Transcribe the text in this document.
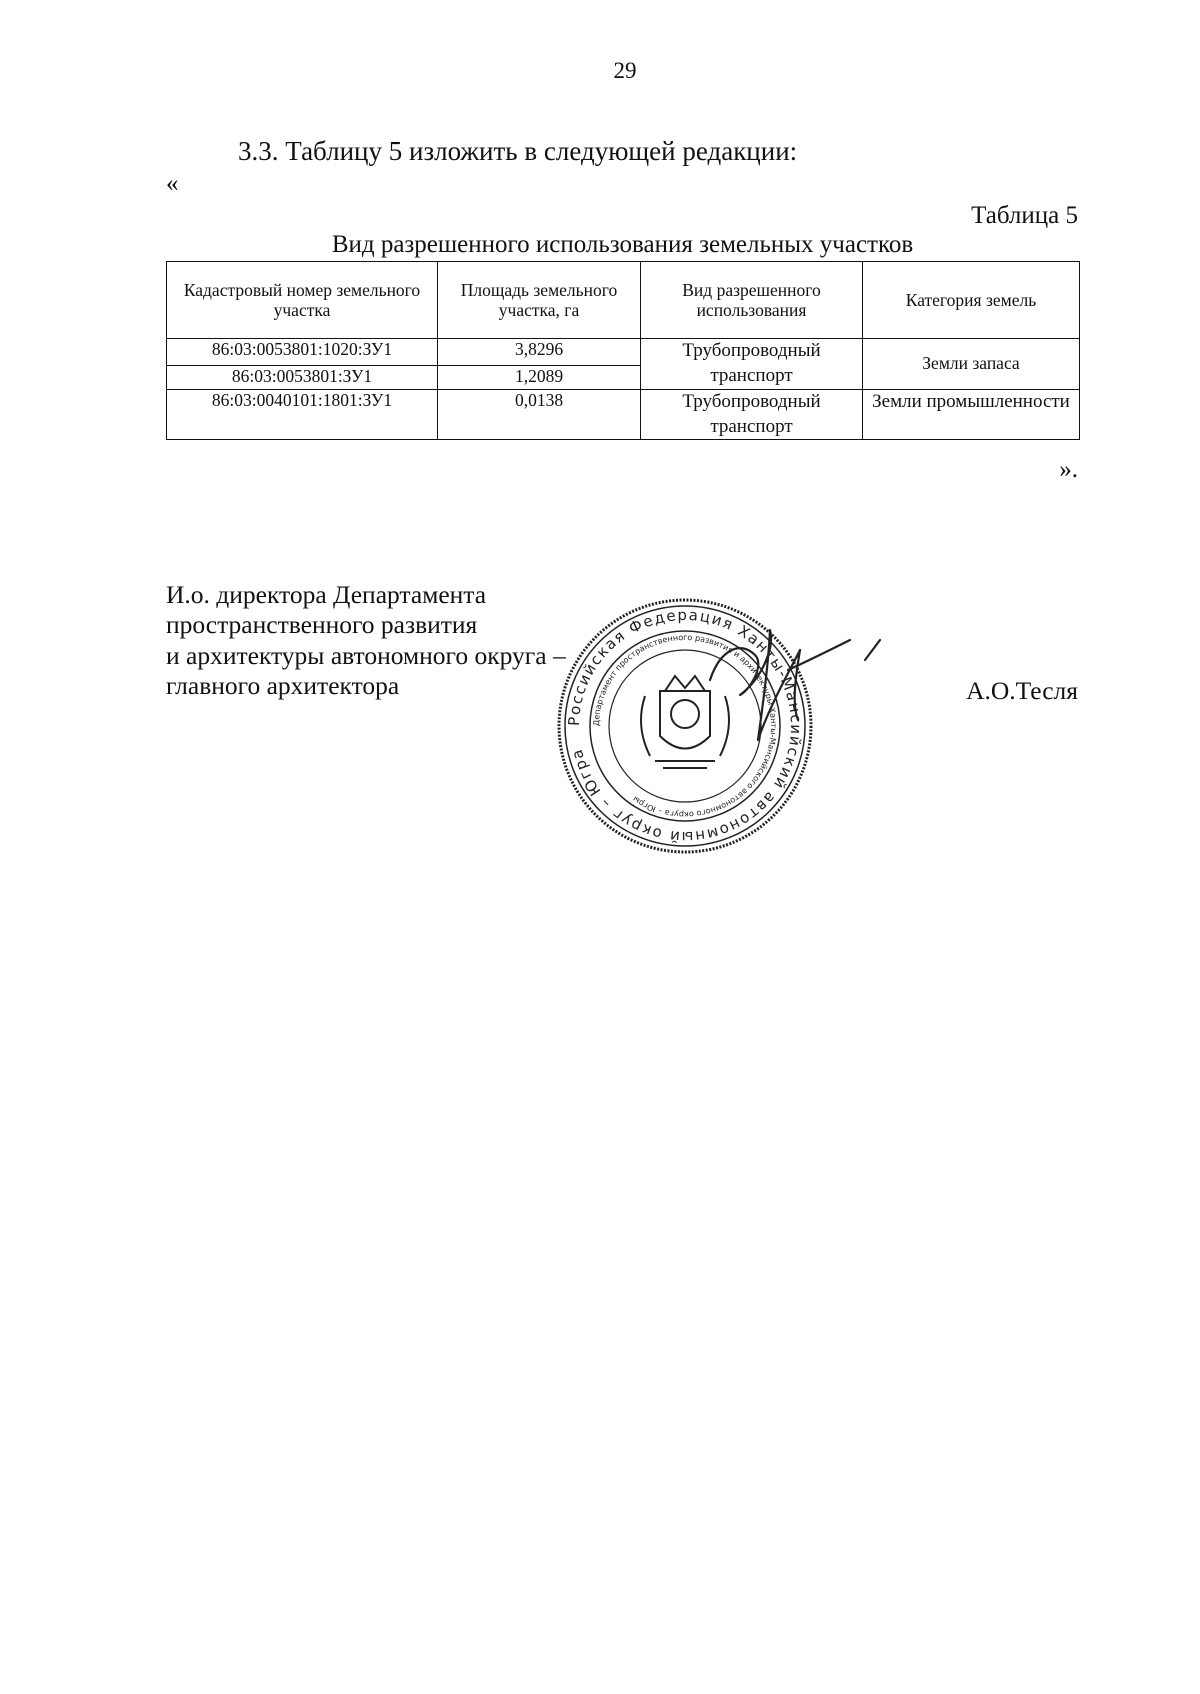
29
3.3. Таблицу 5 изложить в следующей редакции:
«
Таблица 5
Вид разрешенного использования земельных участков
Кадастровый номер земельного участка	Площадь земельного участка, га	Вид разрешенного использования	Категория земель
86:03:0053801:1020:ЗУ1	3,8296	Трубопроводный транспорт	Земли запаса
86:03:0053801:ЗУ1	1,2089		
86:03:0040101:1801:ЗУ1	0,0138	Трубопроводный транспорт	Земли промышленности
».
И.о. директора Департамента
пространственного развития
и архитектуры автономного округа –
главного архитектора	А.О.Тесля
Российская Федерация Ханты-Мансийский автономный округ – Югра
Департамент пространственного развития и архитектуры Ханты-Мансийского автономного округа – Югры
